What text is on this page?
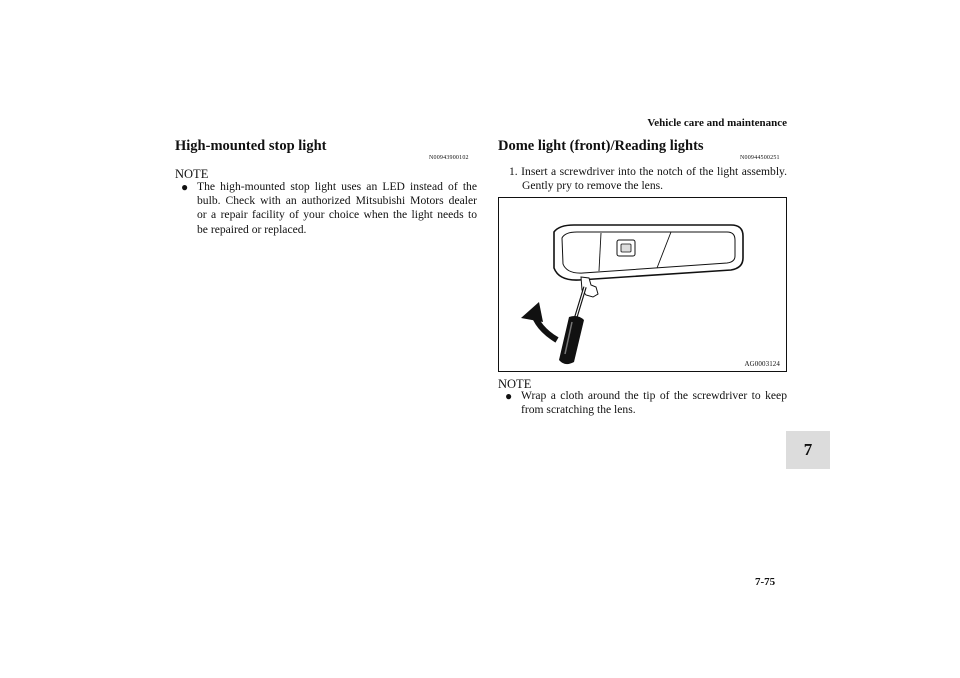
Vehicle care and maintenance
High-mounted stop light
N00943900102
NOTE
● The high-mounted stop light uses an LED instead of the
bulb. Check with an authorized Mitsubishi Motors dealer
or a repair facility of your choice when the light needs to
be repaired or replaced.
Dome light (front)/Reading lights
N00944500251
1. Insert a screwdriver into the notch of the light assembly.
Gently pry to remove the lens.
AG0003124
NOTE
● Wrap a cloth around the tip of the screwdriver to keep
from scratching the lens.
7
7-75
